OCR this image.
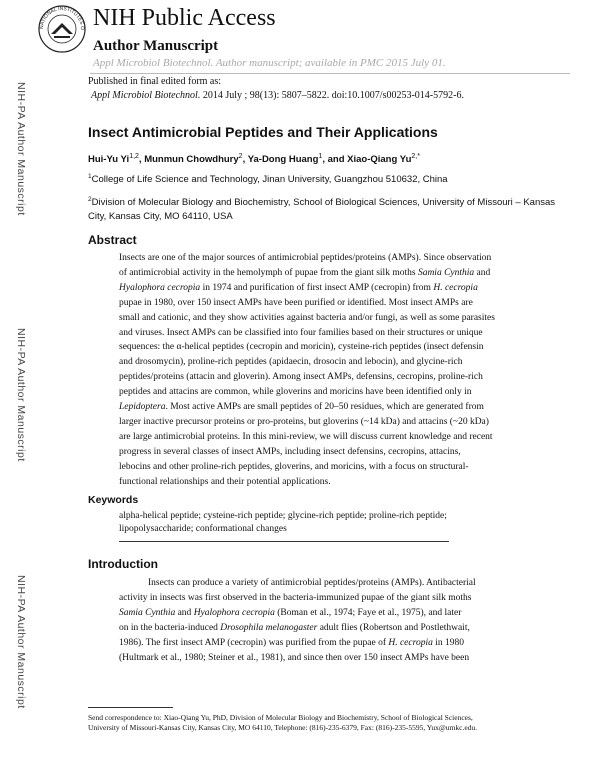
NATIONAL INSTITUTES O NIH Public Access
Author Manuscript
Appl Microbiol Biotechnol. Author manuscript; available in PMC 2015 July 01.
Published in final edited form as:
Appl Microbiol Biotechnol. 2014 July ; 98(13): 5807–5822. doi:10.1007/s00253-014-5792-6.
NIH-PA Author Manuscript
NIH-PA Author Manuscript
NIH-PA Author Manuscript
Insect Antimicrobial Peptides and Their Applications
Hui-Yu Yi$^{1,2}$, Munmun Chowdhury$^2$, Ya-Dong Huang$^1$, and Xiao-Qiang $Yu^{2,*}$
$^1$College of Life Science and Technology, Jinan University, Guangzhou 510632, China
$^2$Division of Molecular Biology and Biochemistry, School of Biological Sciences, University of Missouri – Kansas City, Kansas City, MO 64110, USA
Abstract
Insects are one of the major sources of antimicrobial peptides/proteins (AMPs). Since observation
of antimicrobial activity in the hemolymph of pupae from the giant silk moths Samia Cynthia and
Hyalophora cecropia in 1974 and purification of first insect AMP (cecropin) from H. cecropia
pupae in 1980, over 150 insect AMPs have been purified or identified. Most insect AMPs are
small and cationic, and they show activities against bacteria and/or fungi, as well as some parasites
and viruses. Insect AMPs can be classified into four families based on their structures or unique
sequences: the α-helical peptides (cecropin and moricin), cysteine-rich peptides (insect defensin
and drosomycin), proline-rich peptides (apidaecin, drosocin and lebocin), and glycine-rich
peptides/proteins (attacin and gloverin). Among insect AMPs, defensins, cecropins, proline-rich
peptides and attacins are common, while gloverins and moricins have been identified only in
Lepidoptera. Most active AMPs are small peptides of 20–50 residues, which are generated from
larger inactive precursor proteins or pro-proteins, but gloverins (~14 kDa) and attacins (~20 kDa)
are large antimicrobial proteins. In this mini-review, we will discuss current knowledge and recent
progress in several classes of insect AMPs, including insect defensins, cecropins, attacins,
lebocins and other proline-rich peptides, gloverins, and moricins, with a focus on structural-
functional relationships and their potential applications.
Keywords
alpha-helical peptide; cysteine-rich peptide; glycine-rich peptide; proline-rich peptide;
lipopolysaccharide; conformational changes
Introduction
Insects can produce a variety of antimicrobial peptides/proteins (AMPs). Antibacterial
activity in insects was first observed in the bacteria-immunized pupae of the giant silk moths
Samia Cynthia and Hyalophora cecropia (Boman et al., 1974; Faye et al., 1975), and later
on in the bacteria-induced Drosophila melanogaster adult flies (Robertson and Postlethwait,
1986). The first insect AMP (cecropin) was purified from the pupae of H. cecropia in 1980
(Hultmark et al., 1980; Steiner et al., 1981), and since then over 150 insect AMPs have been
Send correspondence to: Xiao-Qiang Yu, PhD, Division of Molecular Biology and Biochemistry, School of Biological Sciences,
University of Missouri-Kansas City, Kansas City, MO 64110, Telephone: (816)-235-6379, Fax: (816)-235-5595, Yux@umkc.edu.
